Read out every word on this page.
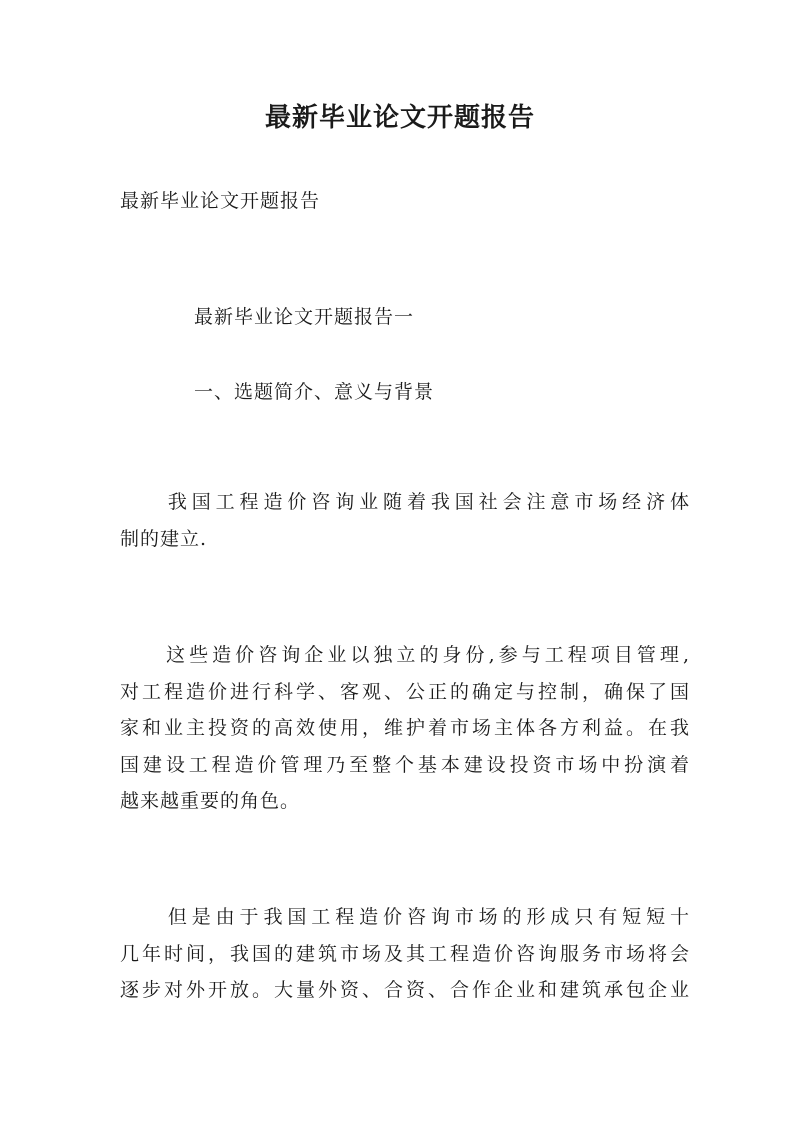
最新毕业论文开题报告
最新毕业论文开题报告
最新毕业论文开题报告一
一、选题简介、意义与背景
　　我国工程造价咨询业随着我国社会注意市场经济体
制的建立.
　　这些造价咨询企业以独立的身份,参与工程项目管理,
对工程造价进行科学、客观、公正的确定与控制，确保了国
家和业主投资的高效使用，维护着市场主体各方利益。在我
国建设工程造价管理乃至整个基本建设投资市场中扮演着
越来越重要的角色。
　　但是由于我国工程造价咨询市场的形成只有短短十
几年时间，我国的建筑市场及其工程造价咨询服务市场将会
逐步对外开放。大量外资、合资、合作企业和建筑承包企业
